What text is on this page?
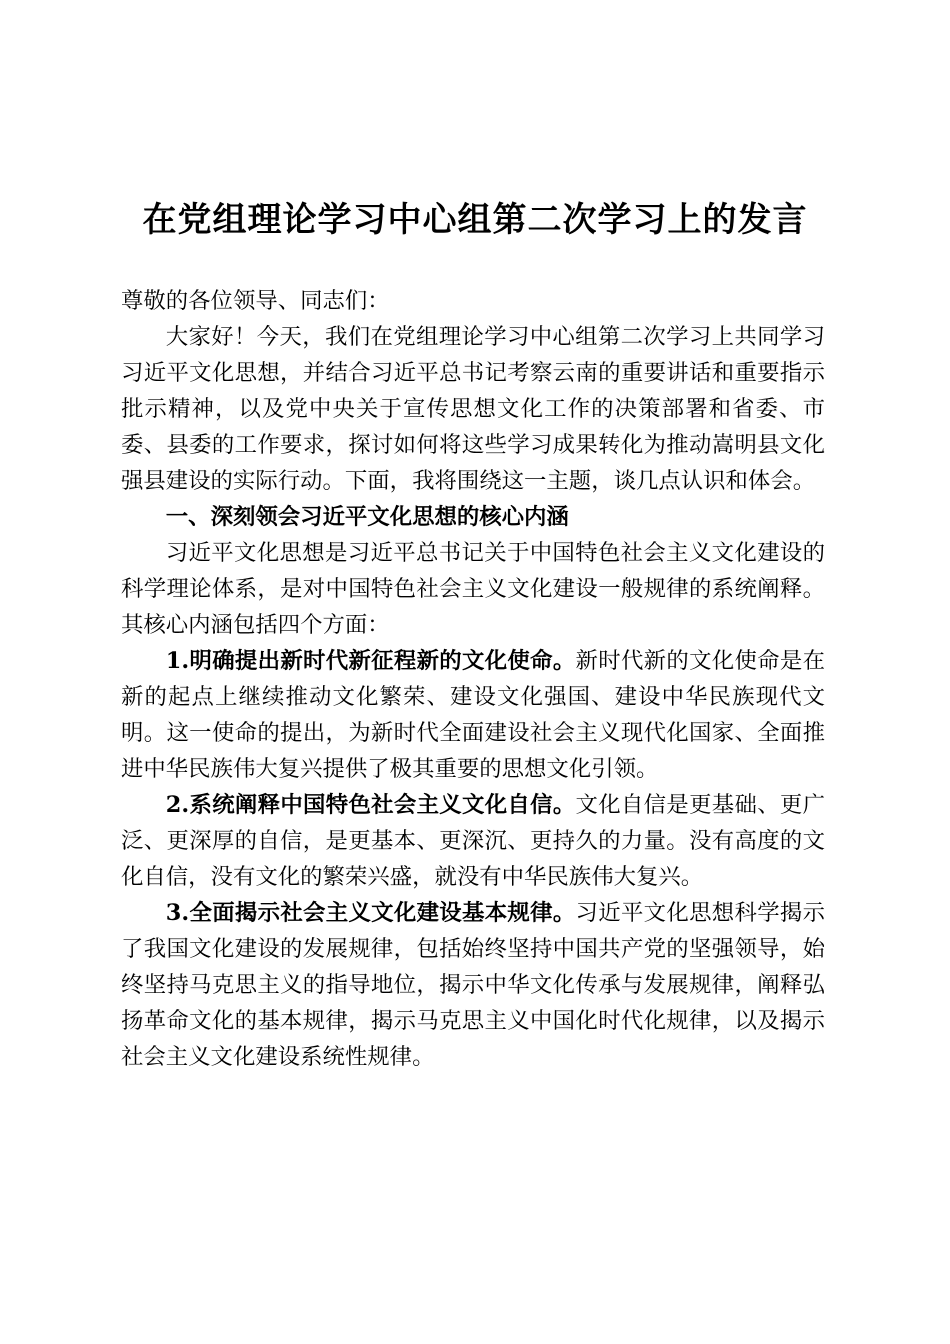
在党组理论学习中心组第二次学习上的发言

尊敬的各位领导、同志们：

大家好！今天，我们在党组理论学习中心组第二次学习上共同学习习近平文化思想，并结合习近平总书记考察云南的重要讲话和重要指示批示精神，以及党中央关于宣传思想文化工作的决策部署和省委、市委、县委的工作要求，探讨如何将这些学习成果转化为推动嵩明县文化强县建设的实际行动。下面，我将围绕这一主题，谈几点认识和体会。

一、深刻领会习近平文化思想的核心内涵

习近平文化思想是习近平总书记关于中国特色社会主义文化建设的科学理论体系，是对中国特色社会主义文化建设一般规律的系统阐释。其核心内涵包括四个方面：

1.明确提出新时代新征程新的文化使命。新时代新的文化使命是在新的起点上继续推动文化繁荣、建设文化强国、建设中华民族现代文明。这一使命的提出，为新时代全面建设社会主义现代化国家、全面推进中华民族伟大复兴提供了极其重要的思想文化引领。

2.系统阐释中国特色社会主义文化自信。文化自信是更基础、更广泛、更深厚的自信，是更基本、更深沉、更持久的力量。没有高度的文化自信，没有文化的繁荣兴盛，就没有中华民族伟大复兴。

3.全面揭示社会主义文化建设基本规律。习近平文化思想科学揭示了我国文化建设的发展规律，包括始终坚持中国共产党的坚强领导，始终坚持马克思主义的指导地位，揭示中华文化传承与发展规律，阐释弘扬革命文化的基本规律，揭示马克思主义中国化时代化规律，以及揭示社会主义文化建设系统性规律。
